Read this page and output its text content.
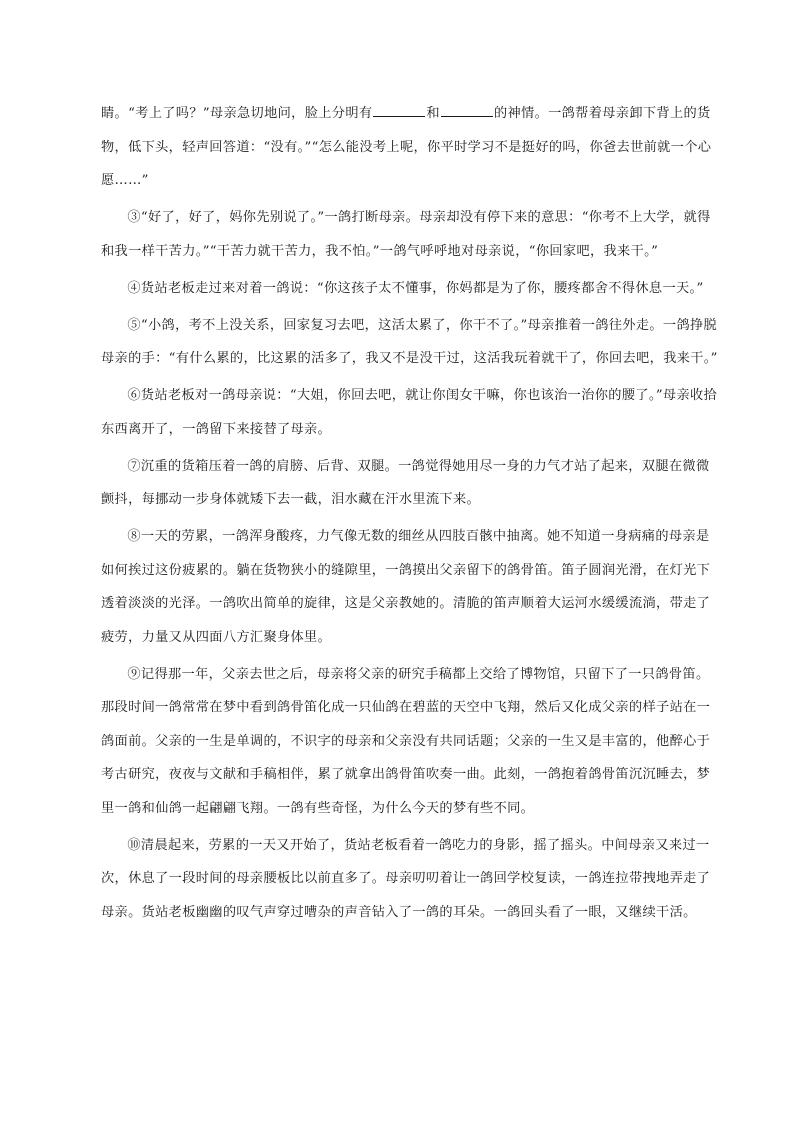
睛。“考上了吗？”母亲急切地问，脸上分明有	和	的神情。一鸽帮着母亲卸下背上的货物，低下头，轻声回答道：“没有。”“怎么能没考上呢，你平时学习不是挺好的吗，你爸去世前就一个心愿……”

③“好了，好了，妈你先别说了。”一鸽打断母亲。母亲却没有停下来的意思：“你考不上大学，就得和我一样干苦力。”“干苦力就干苦力，我不怕。”一鸽气呼呼地对母亲说，“你回家吧，我来干。”

④货站老板走过来对着一鸽说：“你这孩子太不懂事，你妈都是为了你，腰疼都舍不得休息一天。”

⑤“小鸽，考不上没关系，回家复习去吧，这活太累了，你干不了。”母亲推着一鸽往外走。一鸽挣脱母亲的手：“有什么累的，比这累的活多了，我又不是没干过，这活我玩着就干了，你回去吧，我来干。”

⑥货站老板对一鸽母亲说：“大姐，你回去吧，就让你闺女干嘛，你也该治一治你的腰了。”母亲收拾东西离开了，一鸽留下来接替了母亲。

⑦沉重的货箱压着一鸽的肩膀、后背、双腿。一鸽觉得她用尽一身的力气才站了起来，双腿在微微颤抖，每挪动一步身体就矮下去一截，泪水藏在汗水里流下来。

⑧一天的劳累，一鸽浑身酸疼，力气像无数的细丝从四肢百骸中抽离。她不知道一身病痛的母亲是如何挨过这份疲累的。躺在货物狭小的缝隙里，一鸽摸出父亲留下的鸽骨笛。笛子圆润光滑，在灯光下透着淡淡的光泽。一鸽吹出简单的旋律，这是父亲教她的。清脆的笛声顺着大运河水缓缓流淌，带走了疲劳，力量又从四面八方汇聚身体里。

⑨记得那一年，父亲去世之后，母亲将父亲的研究手稿都上交给了博物馆，只留下了一只鸽骨笛。那段时间一鸽常常在梦中看到鸽骨笛化成一只仙鸽在碧蓝的天空中飞翔，然后又化成父亲的样子站在一鸽面前。父亲的一生是单调的，不识字的母亲和父亲没有共同话题；父亲的一生又是丰富的，他醉心于考古研究，夜夜与文献和手稿相伴，累了就拿出鸽骨笛吹奏一曲。此刻，一鸽抱着鸽骨笛沉沉睡去，梦里一鸽和仙鸽一起翩翩飞翔。一鸽有些奇怪，为什么今天的梦有些不同。

⑩清晨起来，劳累的一天又开始了，货站老板看着一鸽吃力的身影，摇了摇头。中间母亲又来过一次，休息了一段时间的母亲腰板比以前直多了。母亲叨叨着让一鸽回学校复读，一鸽连拉带拽地弄走了母亲。货站老板幽幽的叹气声穿过嘈杂的声音钻入了一鸽的耳朵。一鸽回头看了一眼，又继续干活。
